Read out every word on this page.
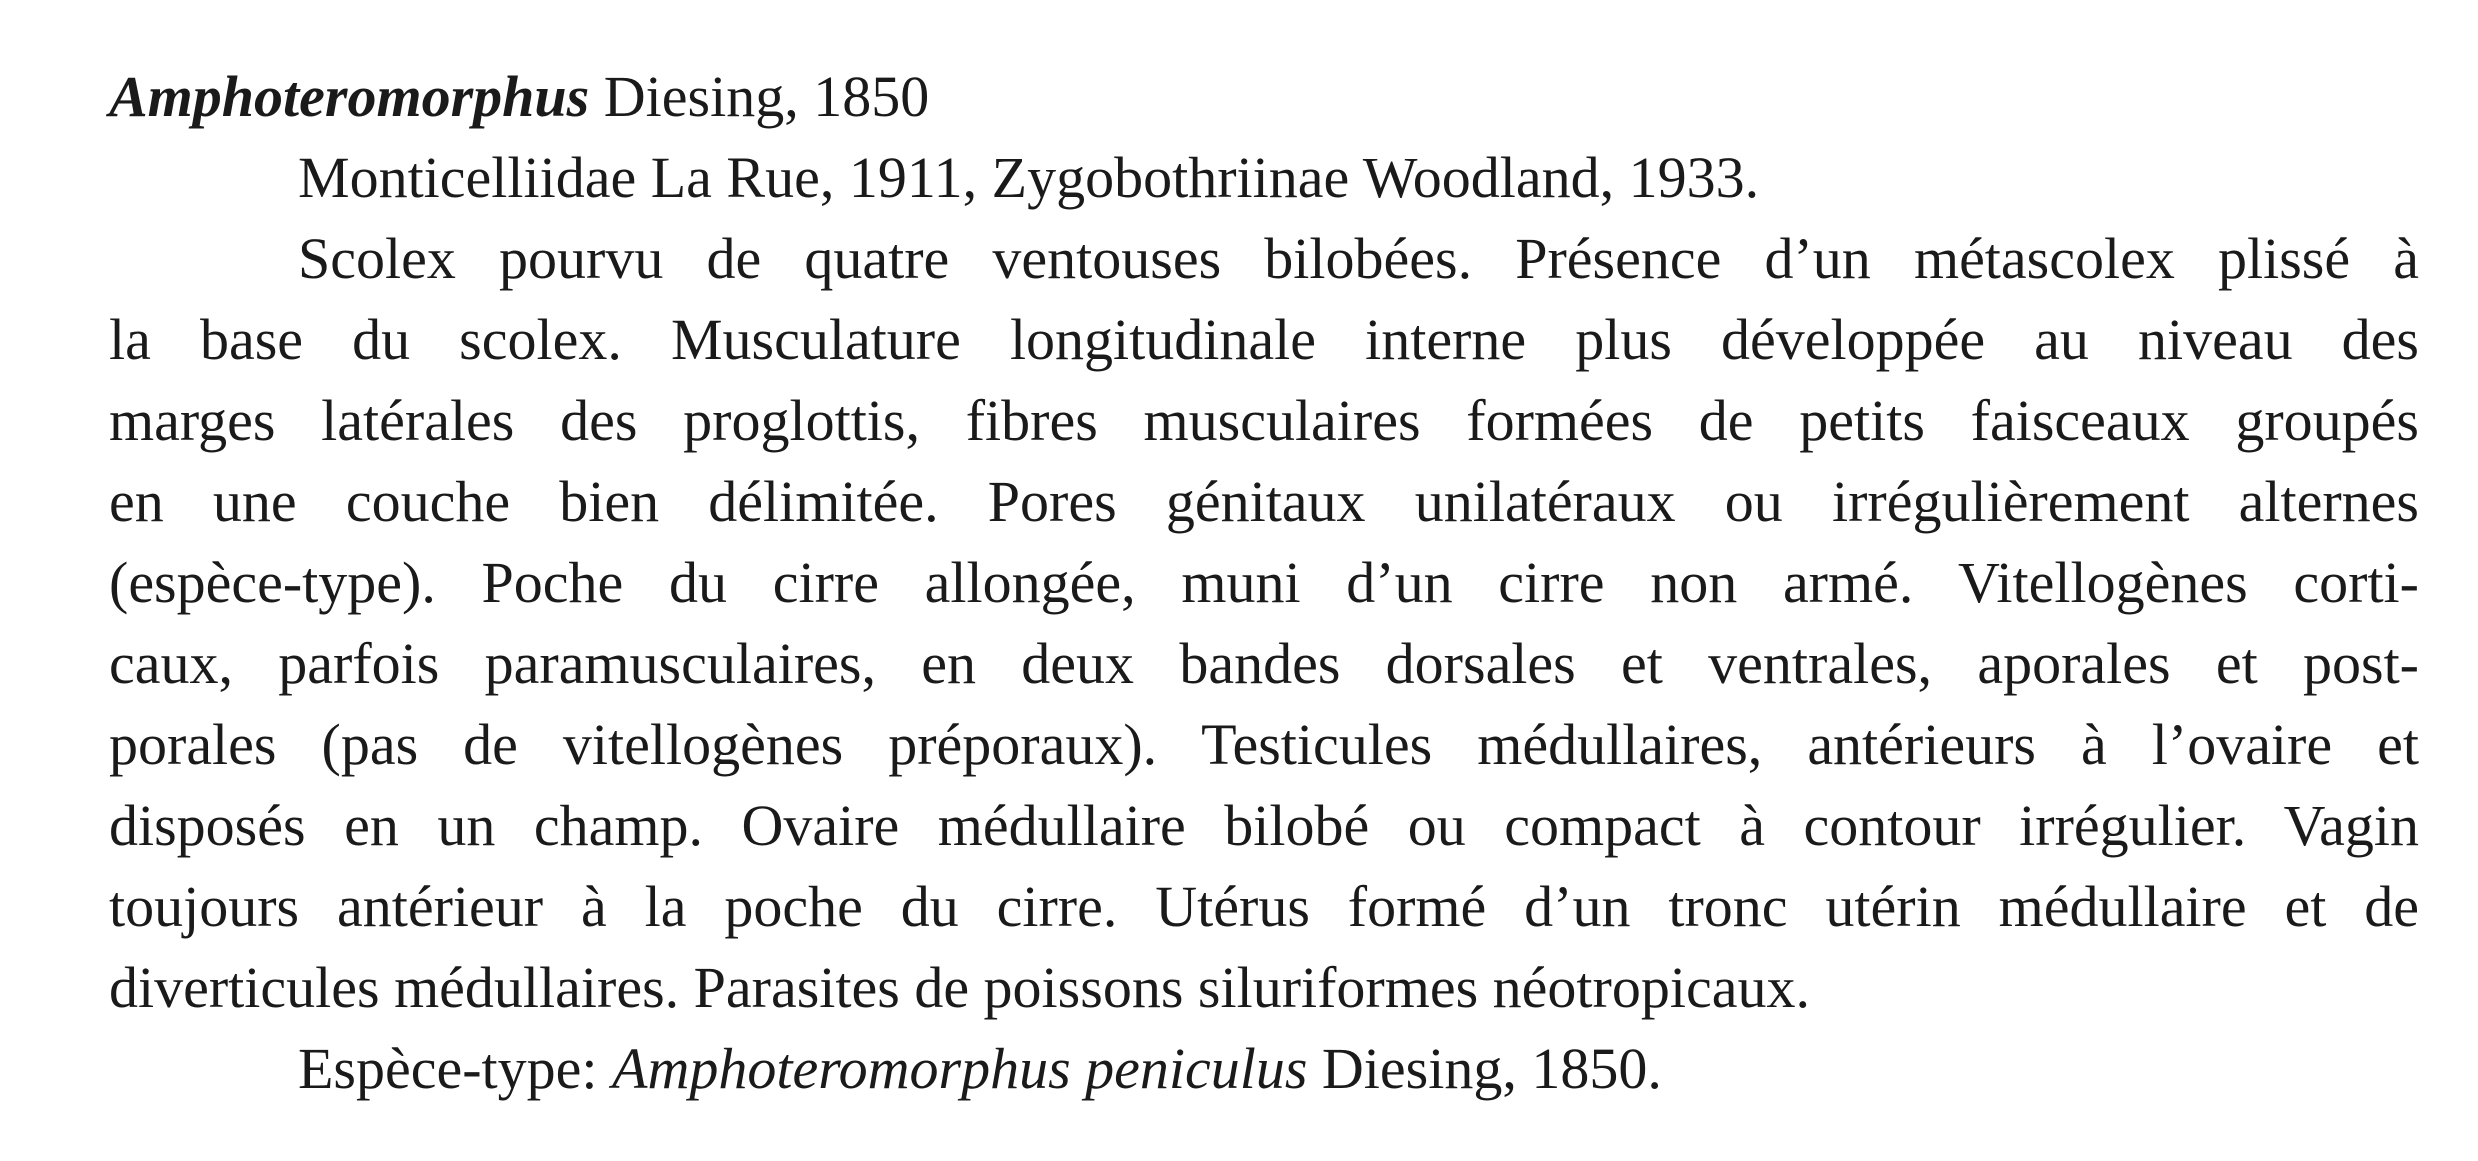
Amphoteromorphus Diesing, 1850
Monticelliidae La Rue, 1911, Zygobothriinae Woodland, 1933.
Scolex pourvu de quatre ventouses bilobées. Présence d’un métascolex plissé à
la base du scolex. Musculature longitudinale interne plus développée au niveau des
marges latérales des proglottis, fibres musculaires formées de petits faisceaux groupés
en une couche bien délimitée. Pores génitaux unilatéraux ou irrégulièrement alternes
(espèce-type). Poche du cirre allongée, muni d’un cirre non armé. Vitellogènes corti-
caux, parfois paramusculaires, en deux bandes dorsales et ventrales, aporales et post-
porales (pas de vitellogènes préporaux). Testicules médullaires, antérieurs à l’ovaire et
disposés en un champ. Ovaire médullaire bilobé ou compact à contour irrégulier. Vagin
toujours antérieur à la poche du cirre. Utérus formé d’un tronc utérin médullaire et de
diverticules médullaires. Parasites de poissons siluriformes néotropicaux.
Espèce-type: Amphoteromorphus peniculus Diesing, 1850.
